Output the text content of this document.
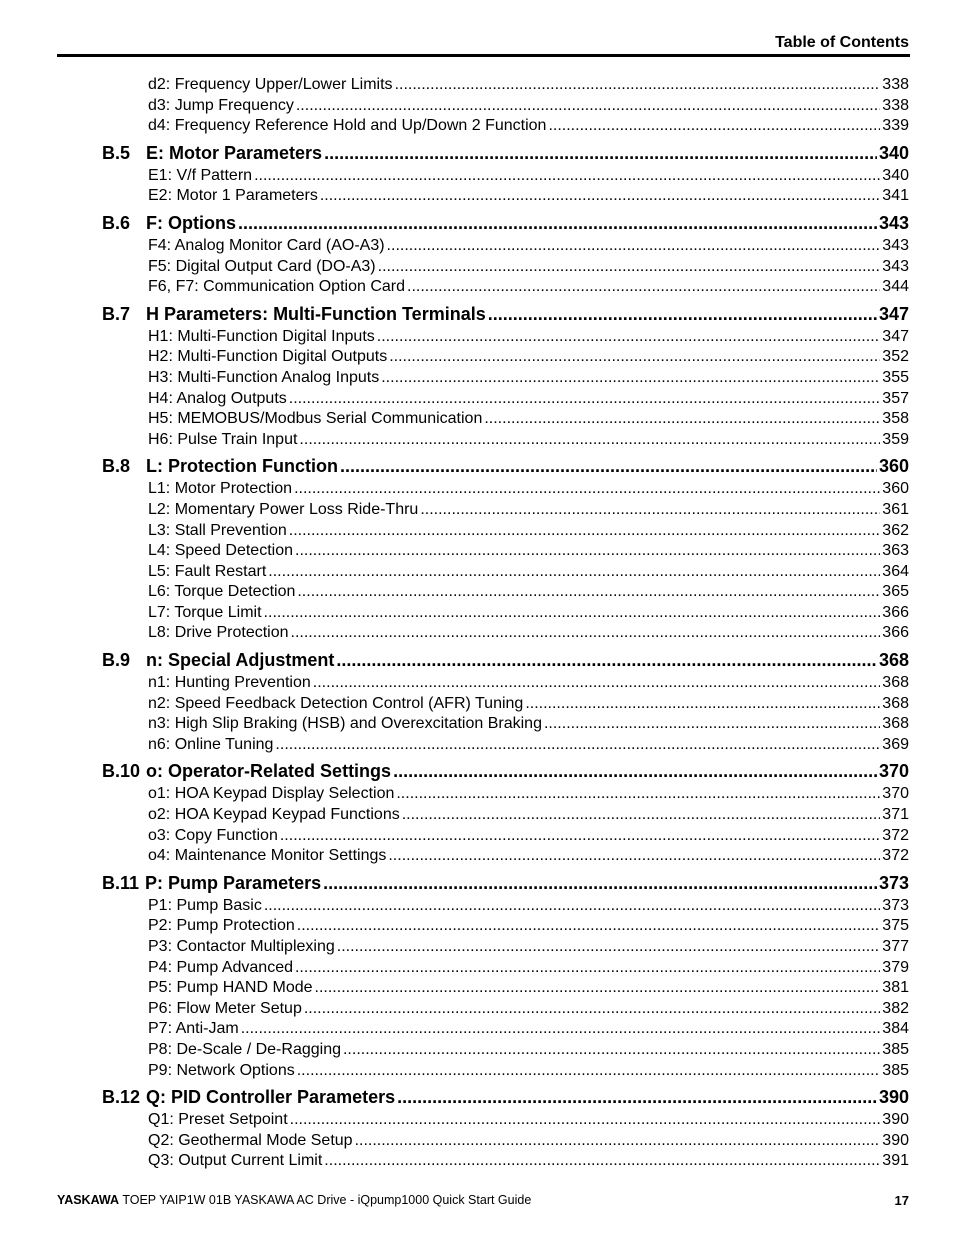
Table of Contents
d2: Frequency Upper/Lower Limits .....	338
d3: Jump Frequency .....	338
d4: Frequency Reference Hold and Up/Down 2 Function .....	339
B.5 E: Motor Parameters .....	340
E1: V/f Pattern .....	340
E2: Motor 1 Parameters .....	341
B.6 F: Options .....	343
F4: Analog Monitor Card (AO-A3) .....	343
F5: Digital Output Card (DO-A3) .....	343
F6, F7: Communication Option Card .....	344
B.7 H Parameters: Multi-Function Terminals .....	347
H1: Multi-Function Digital Inputs .....	347
H2: Multi-Function Digital Outputs .....	352
H3: Multi-Function Analog Inputs .....	355
H4: Analog Outputs .....	357
H5: MEMOBUS/Modbus Serial Communication .....	358
H6: Pulse Train Input .....	359
B.8 L: Protection Function .....	360
L1: Motor Protection .....	360
L2: Momentary Power Loss Ride-Thru .....	361
L3: Stall Prevention .....	362
L4: Speed Detection .....	363
L5: Fault Restart .....	364
L6: Torque Detection .....	365
L7: Torque Limit .....	366
L8: Drive Protection .....	366
B.9 n: Special Adjustment .....	368
n1: Hunting Prevention .....	368
n2: Speed Feedback Detection Control (AFR) Tuning .....	368
n3: High Slip Braking (HSB) and Overexcitation Braking .....	368
n6: Online Tuning .....	369
B.10 o: Operator-Related Settings .....	370
o1: HOA Keypad Display Selection .....	370
o2: HOA Keypad Keypad Functions .....	371
o3: Copy Function .....	372
o4: Maintenance Monitor Settings .....	372
B.11 P: Pump Parameters .....	373
P1: Pump Basic .....	373
P2: Pump Protection .....	375
P3: Contactor Multiplexing .....	377
P4: Pump Advanced .....	379
P5: Pump HAND Mode .....	381
P6: Flow Meter Setup .....	382
P7: Anti-Jam .....	384
P8: De-Scale / De-Ragging .....	385
P9: Network Options .....	385
B.12 Q: PID Controller Parameters .....	390
Q1: Preset Setpoint .....	390
Q2: Geothermal Mode Setup .....	390
Q3: Output Current Limit .....	391
YASKAWA TOEP YAIP1W 01B YASKAWA AC Drive - iQpump1000 Quick Start Guide	17
